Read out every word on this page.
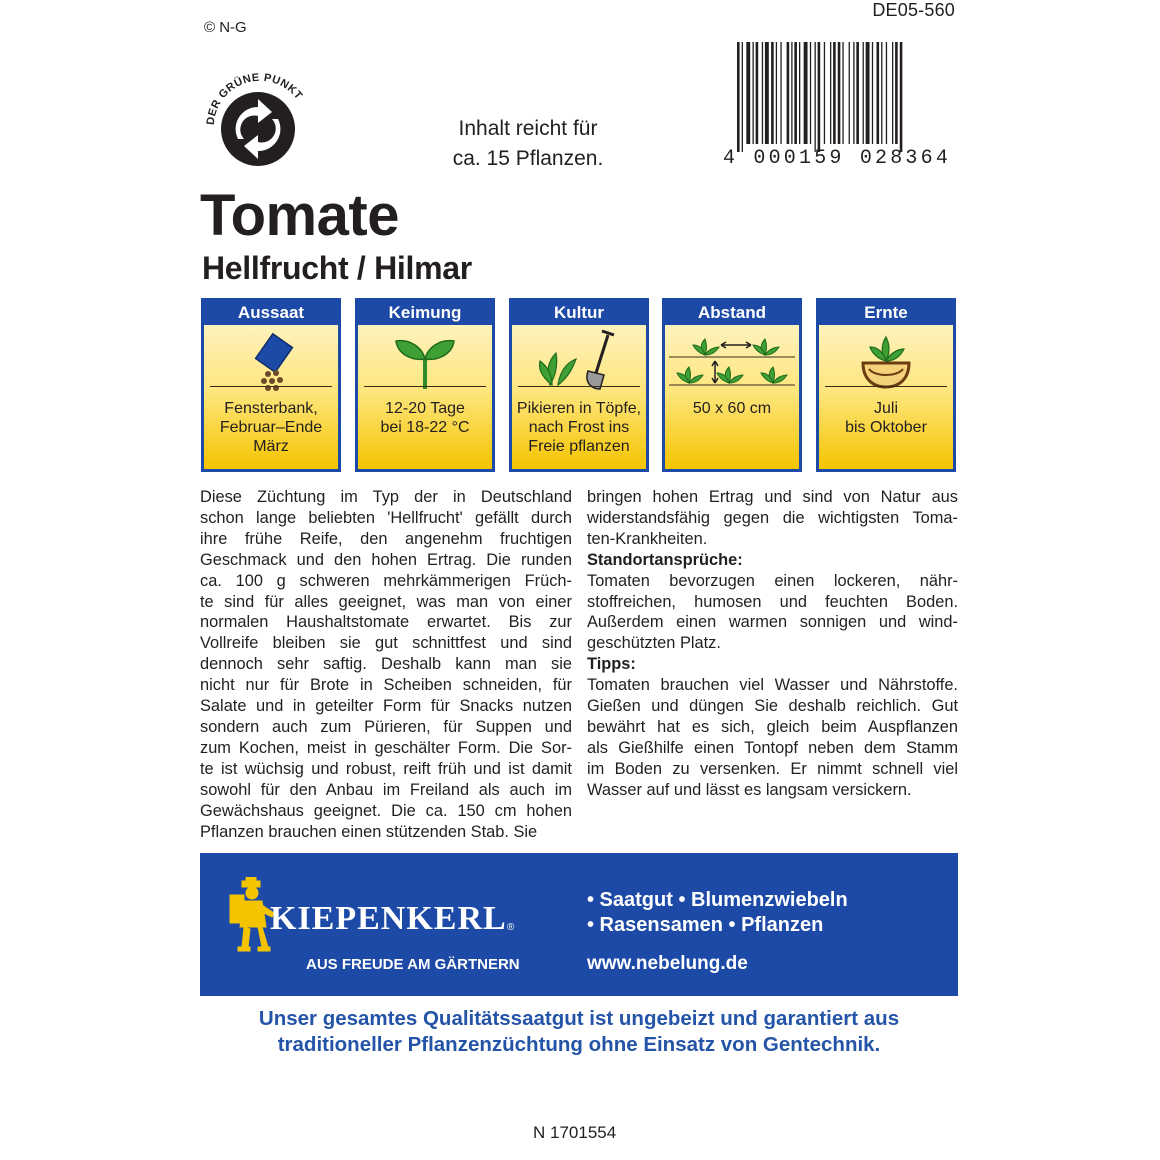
DE05-560
© N-G
DER GRÜNE PUNKT
Inhalt reicht für
ca. 15 Pflanzen.	4 000159 028364
Tomate
Hellfrucht / Hilmar
Aussaat
Fensterbank,
Februar–Ende
März
Keimung
12-20 Tage
bei 18-22 °C
Kultur
Pikieren in Töpfe,
nach Frost ins
Freie pflanzen
Abstand
50 x 60 cm
Ernte
Juli
bis Oktober
Diese Züchtung im Typ der in Deutschland
schon lange beliebten 'Hellfrucht' gefällt durch
ihre frühe Reife, den angenehm fruchtigen
Geschmack und den hohen Ertrag. Die runden
ca. 100 g schweren mehrkämmerigen Früch-
te sind für alles geeignet, was man von einer
normalen Haushaltstomate erwartet. Bis zur
Vollreife bleiben sie gut schnittfest und sind
dennoch sehr saftig. Deshalb kann man sie
nicht nur für Brote in Scheiben schneiden, für
Salate und in geteilter Form für Snacks nutzen
sondern auch zum Pürieren, für Suppen und
zum Kochen, meist in geschälter Form. Die Sor-
te ist wüchsig und robust, reift früh und ist damit
sowohl für den Anbau im Freiland als auch im
Gewächshaus geeignet. Die ca. 150 cm hohen
Pflanzen brauchen einen stützenden Stab. Sie
bringen hohen Ertrag und sind von Natur aus
widerstandsfähig gegen die wichtigsten Toma-
ten-Krankheiten.
Standortansprüche:
Tomaten bevorzugen einen lockeren, nähr-
stoffreichen, humosen und feuchten Boden.
Außerdem einen warmen sonnigen und wind-
geschützten Platz.
Tipps:
Tomaten brauchen viel Wasser und Nährstoffe.
Gießen und düngen Sie deshalb reichlich. Gut
bewährt hat es sich, gleich beim Auspflanzen
als Gießhilfe einen Tontopf neben dem Stamm
im Boden zu versenken. Er nimmt schnell viel
Wasser auf und lässt es langsam versickern.
KIEPENKERL ®
AUS FREUDE AM GÄRTNERN
• Saatgut • Blumenzwiebeln
• Rasensamen • Pflanzen
www.nebelung.de
Unser gesamtes Qualitätssaatgut ist ungebeizt und garantiert aus
traditioneller Pflanzenzüchtung ohne Einsatz von Gentechnik.
N 1701554
